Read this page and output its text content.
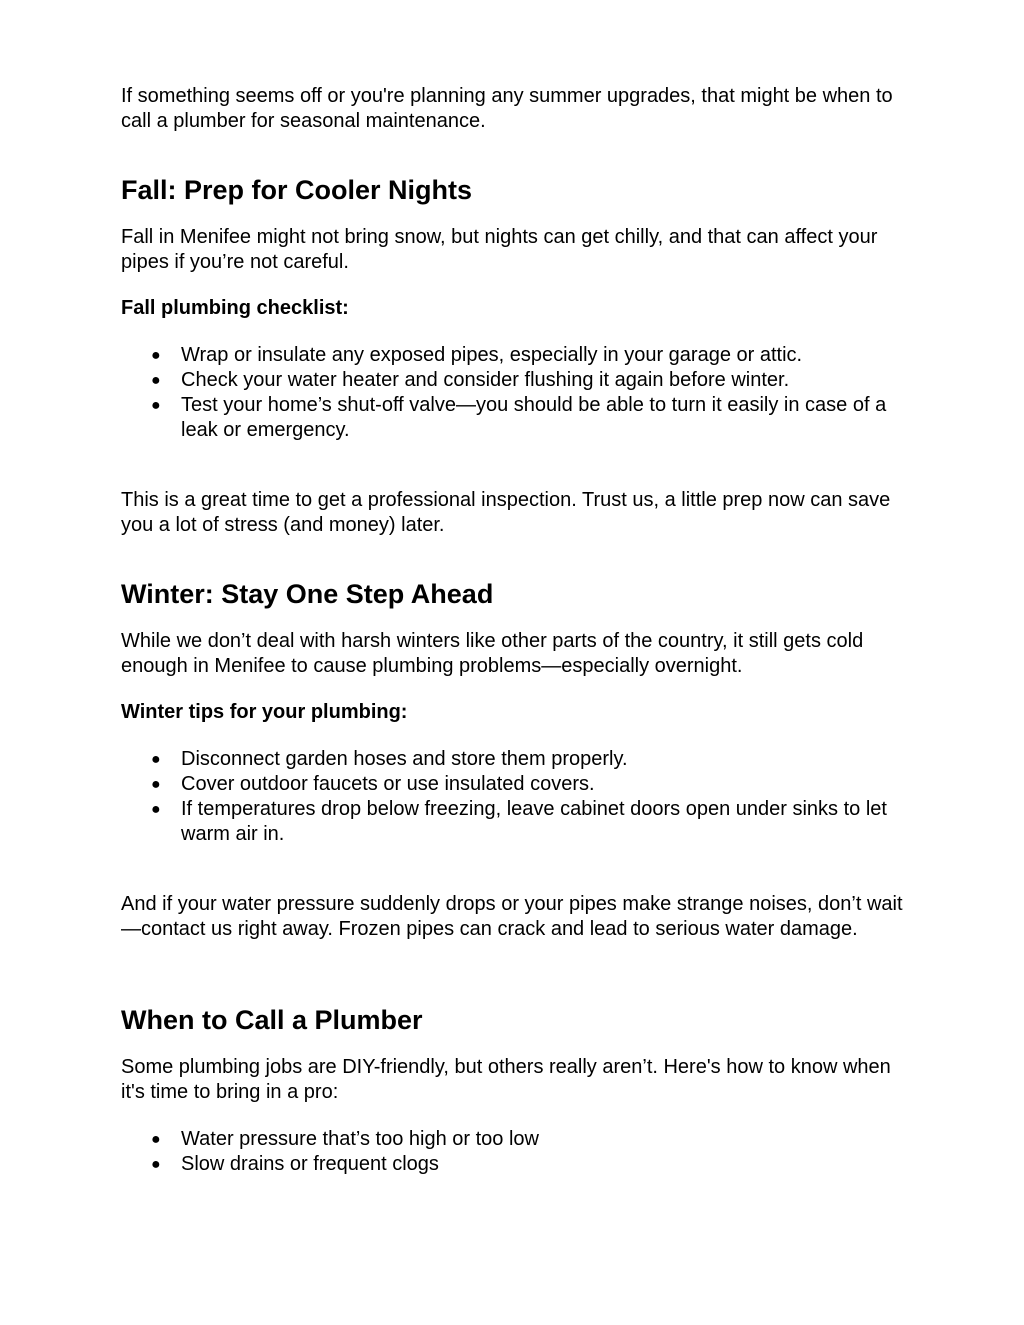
If something seems off or you're planning any summer upgrades, that might be when to call a plumber for seasonal maintenance.

Fall: Prep for Cooler Nights

Fall in Menifee might not bring snow, but nights can get chilly, and that can affect your pipes if you’re not careful.

Fall plumbing checklist:
● Wrap or insulate any exposed pipes, especially in your garage or attic.
● Check your water heater and consider flushing it again before winter.
● Test your home’s shut-off valve—you should be able to turn it easily in case of a leak or emergency.

This is a great time to get a professional inspection. Trust us, a little prep now can save you a lot of stress (and money) later.

Winter: Stay One Step Ahead

While we don’t deal with harsh winters like other parts of the country, it still gets cold enough in Menifee to cause plumbing problems—especially overnight.

Winter tips for your plumbing:
● Disconnect garden hoses and store them properly.
● Cover outdoor faucets or use insulated covers.
● If temperatures drop below freezing, leave cabinet doors open under sinks to let warm air in.

And if your water pressure suddenly drops or your pipes make strange noises, don’t wait—contact us right away. Frozen pipes can crack and lead to serious water damage.

When to Call a Plumber

Some plumbing jobs are DIY-friendly, but others really aren’t. Here's how to know when it's time to bring in a pro:

● Water pressure that’s too high or too low
● Slow drains or frequent clogs
